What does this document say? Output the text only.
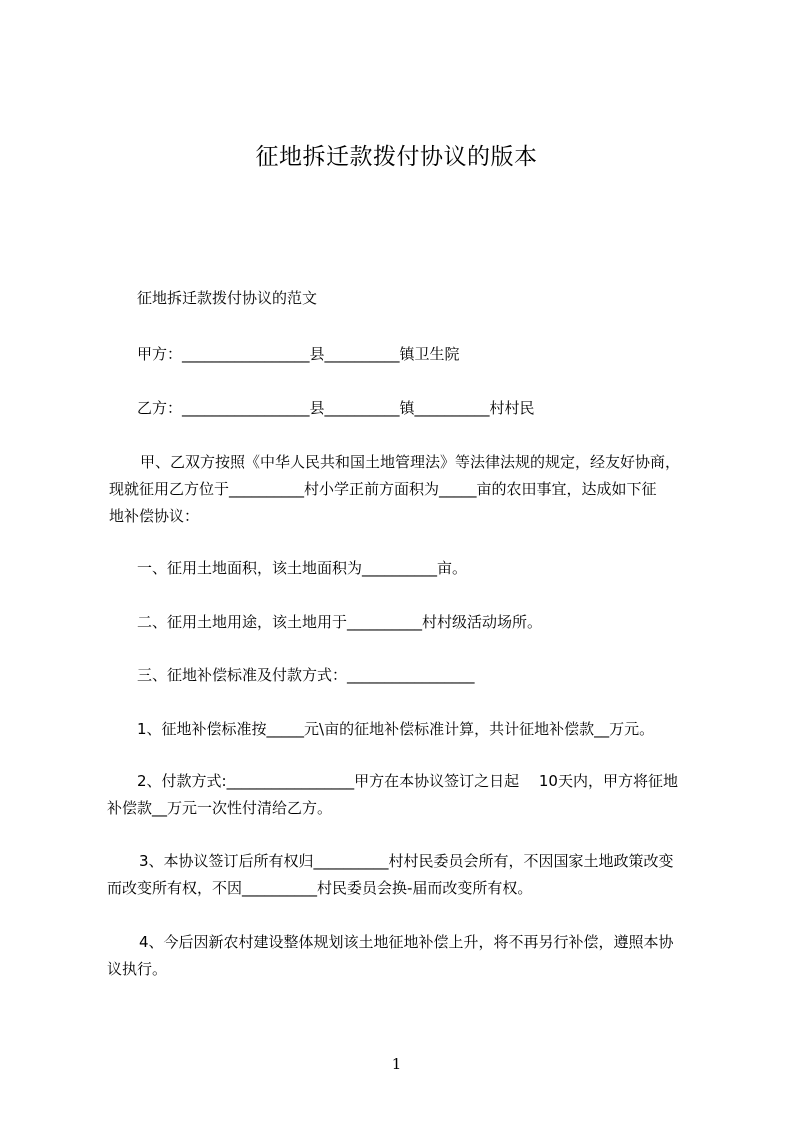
征地拆迁款拨付协议的版本
征地拆迁款拨付协议的范文
甲方：_________________县__________镇卫生院
乙方：_________________县__________镇__________村村民
甲、乙双方按照《中华人民共和国土地管理法》等法律法规的规定，经友好协商，
现就征用乙方位于__________村小学正前方面积为_____亩的农田事宜，达成如下征
地补偿协议：
一、征用土地面积，该土地面积为__________亩。
二、征用土地用途，该土地用于__________村村级活动场所。
三、征地补偿标准及付款方式：_________________
1、征地补偿标准按_____元\亩的征地补偿标准计算，共计征地补偿款__万元。
2、付款方式:_________________甲方在本协议签订之日起　 10天内，甲方将征地
补偿款__万元一次性付清给乙方。
3、本协议签订后所有权归__________村村民委员会所有，不因国家土地政策改变
而改变所有权，不因__________村民委员会换-届而改变所有权。
4、今后因新农村建设整体规划该土地征地补偿上升，将不再另行补偿，遵照本协
议执行。
1
